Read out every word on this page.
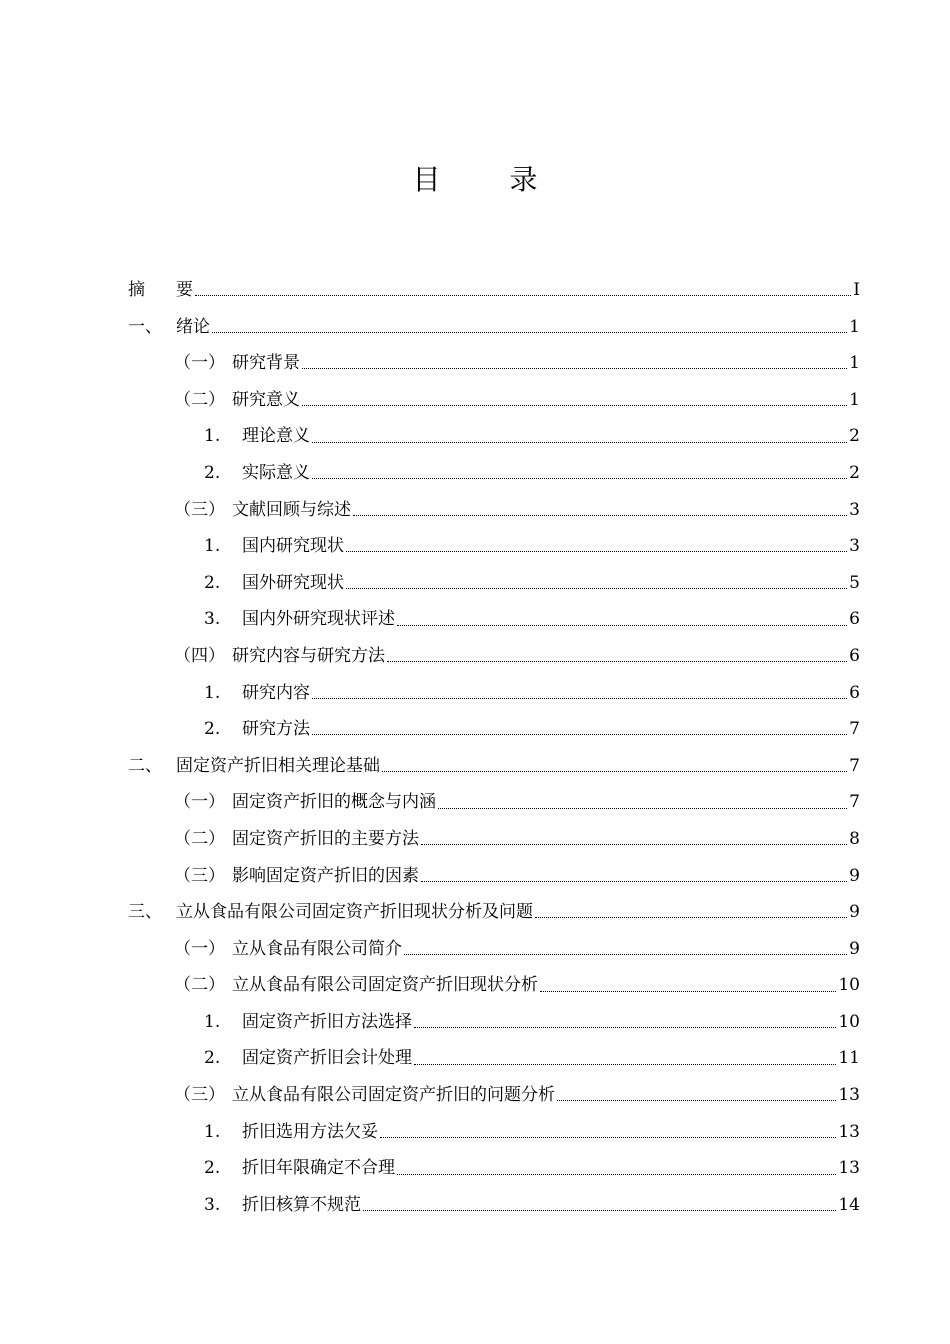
目 录
摘 要	I
一、 绪论	1
（一） 研究背景	1
（二） 研究意义	1
1.	理论意义	2
2.	实际意义	2
（三） 文献回顾与综述	3
1.	国内研究现状	3
2.	国外研究现状	5
3.	国内外研究现状评述	6
（四） 研究内容与研究方法	6
1.	研究内容	6
2.	研究方法	7
二、 固定资产折旧相关理论基础	7
（一） 固定资产折旧的概念与内涵	7
（二） 固定资产折旧的主要方法	8
（三） 影响固定资产折旧的因素	9
三、 立从食品有限公司固定资产折旧现状分析及问题	9
（一） 立从食品有限公司简介	9
（二） 立从食品有限公司固定资产折旧现状分析	10
1.	固定资产折旧方法选择	10
2.	固定资产折旧会计处理	11
（三） 立从食品有限公司固定资产折旧的问题分析	13
1.	折旧选用方法欠妥	13
2.	折旧年限确定不合理	13
3.	折旧核算不规范	14
